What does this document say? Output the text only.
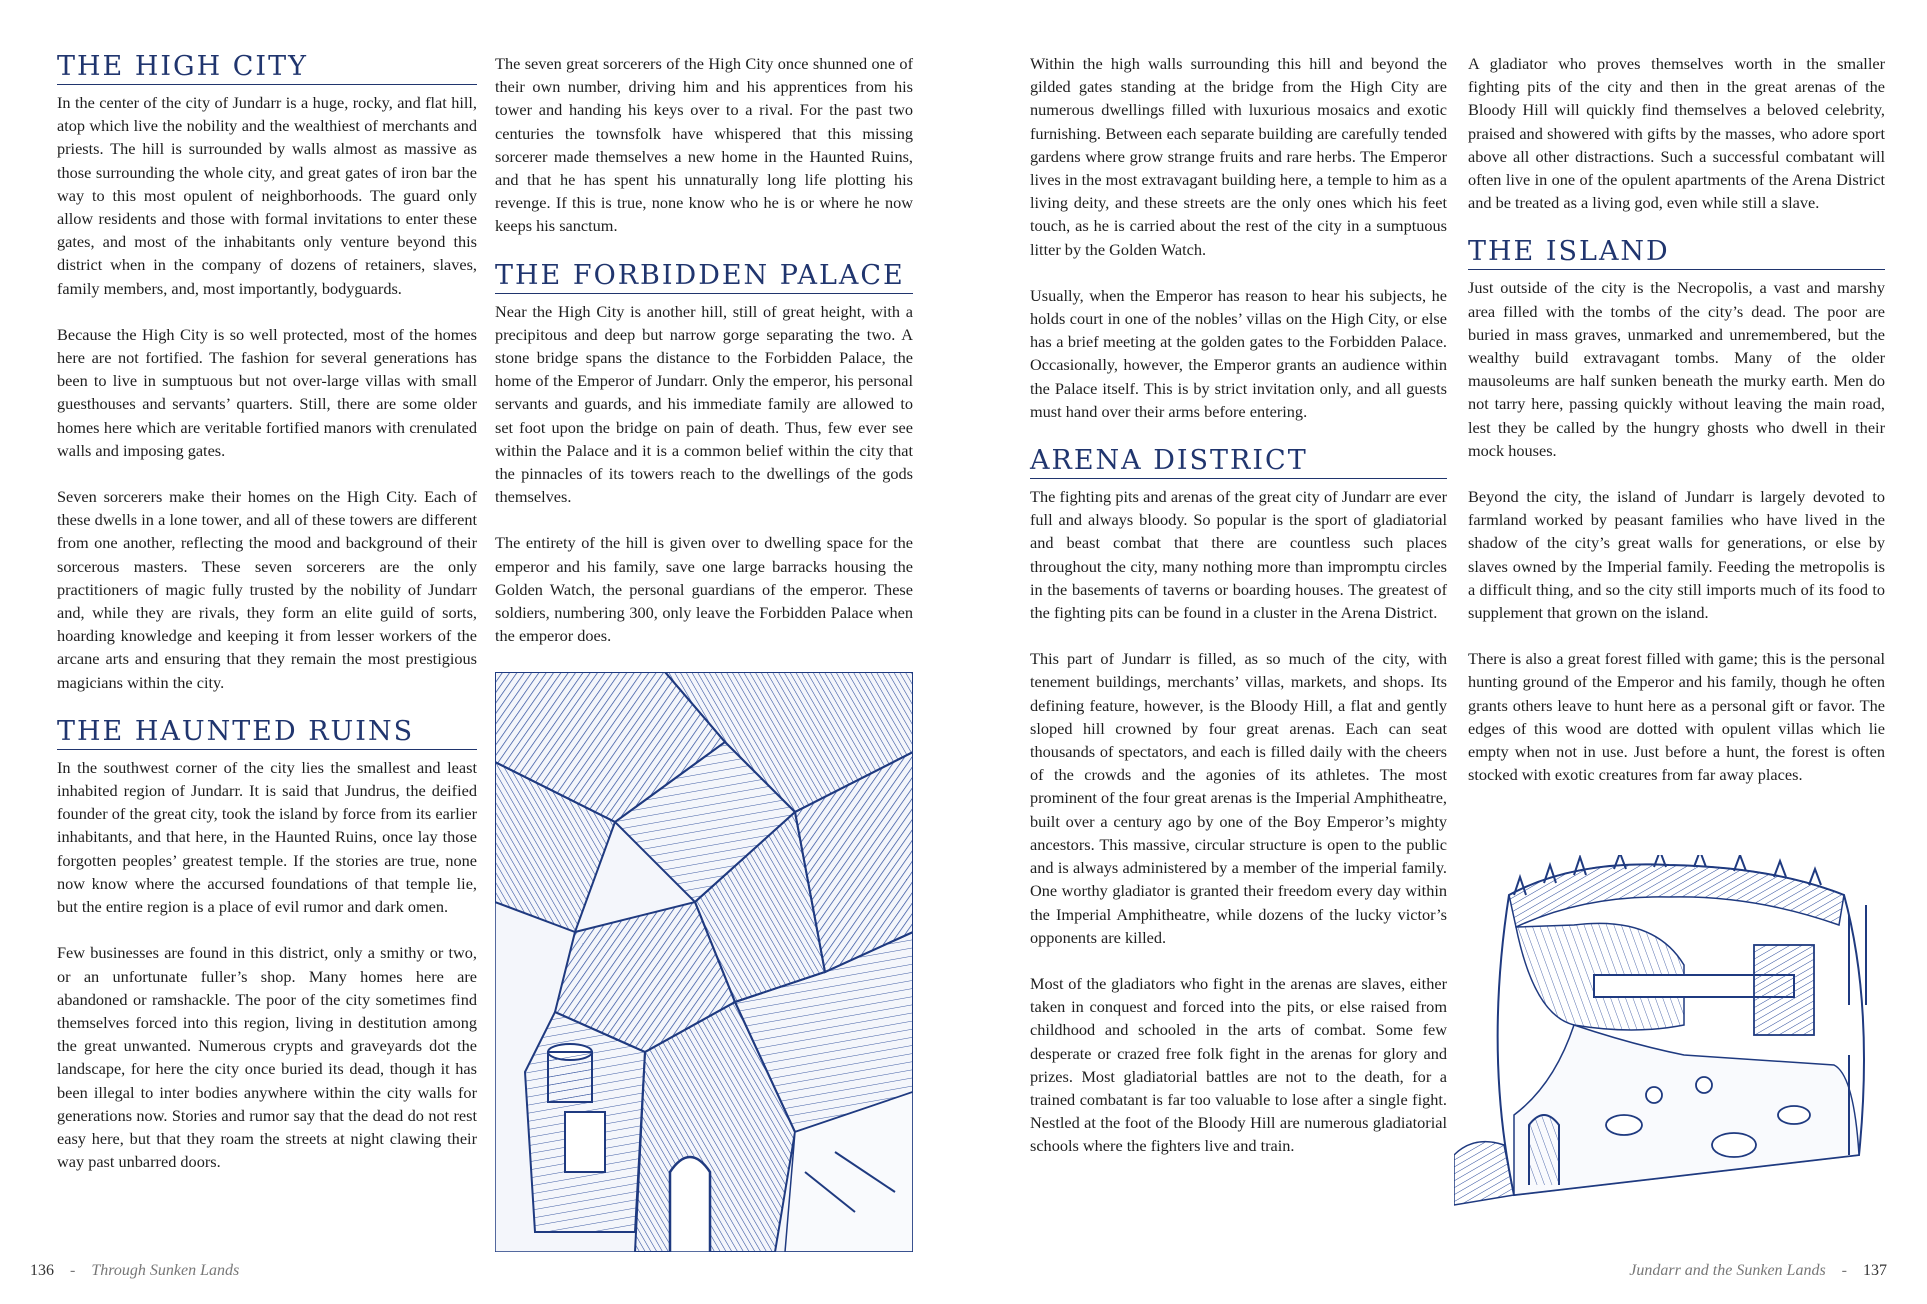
THE HIGH CITY

In the center of the city of Jundarr is a huge, rocky, and flat hill, atop which live the nobility and the wealthiest of merchants and priests. The hill is surrounded by walls almost as massive as those surrounding the whole city, and great gates of iron bar the way to this most opulent of neighborhoods. The guard only allow residents and those with formal invitations to enter these gates, and most of the inhabitants only venture beyond this district when in the company of dozens of retainers, slaves, family members, and, most importantly, bodyguards.

Because the High City is so well protected, most of the homes here are not fortified. The fashion for several generations has been to live in sumptuous but not over-large villas with small guesthouses and servants’ quarters. Still, there are some older homes here which are veritable fortified manors with crenulated walls and imposing gates.

Seven sorcerers make their homes on the High City. Each of these dwells in a lone tower, and all of these towers are different from one another, reflecting the mood and background of their sorcerous masters. These seven sorcerers are the only practitioners of magic fully trusted by the nobility of Jundarr and, while they are rivals, they form an elite guild of sorts, hoarding knowledge and keeping it from lesser workers of the arcane arts and ensuring that they remain the most prestigious magicians within the city.

THE HAUNTED RUINS

In the southwest corner of the city lies the smallest and least inhabited region of Jundarr. It is said that Jundrus, the deified founder of the great city, took the island by force from its earlier inhabitants, and that here, in the Haunted Ruins, once lay those forgotten peoples’ greatest temple. If the stories are true, none now know where the accursed foundations of that temple lie, but the entire region is a place of evil rumor and dark omen.

Few businesses are found in this district, only a smithy or two, or an unfortunate fuller’s shop. Many homes here are abandoned or ramshackle. The poor of the city sometimes find themselves forced into this region, living in destitution among the great unwanted. Numerous crypts and graveyards dot the landscape, for here the city once buried its dead, though it has been illegal to inter bodies anywhere within the city walls for generations now. Stories and rumor say that the dead do not rest easy here, but that they roam the streets at night clawing their way past unbarred doors.

The seven great sorcerers of the High City once shunned one of their own number, driving him and his apprentices from his tower and handing his keys over to a rival. For the past two centuries the townsfolk have whispered that this missing sorcerer made themselves a new home in the Haunted Ruins, and that he has spent his unnaturally long life plotting his revenge. If this is true, none know who he is or where he now keeps his sanctum.

THE FORBIDDEN PALACE

Near the High City is another hill, still of great height, with a precipitous and deep but narrow gorge separating the two. A stone bridge spans the distance to the Forbidden Palace, the home of the Emperor of Jundarr. Only the emperor, his personal servants and guards, and his immediate family are allowed to set foot upon the bridge on pain of death. Thus, few ever see within the Palace and it is a common belief within the city that the pinnacles of its towers reach to the dwellings of the gods themselves.

The entirety of the hill is given over to dwelling space for the emperor and his family, save one large barracks housing the Golden Watch, the personal guardians of the emperor. These soldiers, numbering 300, only leave the Forbidden Palace when the emperor does.

136 - Through Sunken Lands

Within the high walls surrounding this hill and beyond the gilded gates standing at the bridge from the High City are numerous dwellings filled with luxurious mosaics and exotic furnishing. Between each separate building are carefully tended gardens where grow strange fruits and rare herbs. The Emperor lives in the most extravagant building here, a temple to him as a living deity, and these streets are the only ones which his feet touch, as he is carried about the rest of the city in a sumptuous litter by the Golden Watch.

Usually, when the Emperor has reason to hear his subjects, he holds court in one of the nobles’ villas on the High City, or else has a brief meeting at the golden gates to the Forbidden Palace. Occasionally, however, the Emperor grants an audience within the Palace itself. This is by strict invitation only, and all guests must hand over their arms before entering.

ARENA DISTRICT

The fighting pits and arenas of the great city of Jundarr are ever full and always bloody. So popular is the sport of gladiatorial and beast combat that there are countless such places throughout the city, many nothing more than impromptu circles in the basements of taverns or boarding houses. The greatest of the fighting pits can be found in a cluster in the Arena District.

This part of Jundarr is filled, as so much of the city, with tenement buildings, merchants’ villas, markets, and shops. Its defining feature, however, is the Bloody Hill, a flat and gently sloped hill crowned by four great arenas. Each can seat thousands of spectators, and each is filled daily with the cheers of the crowds and the agonies of its athletes. The most prominent of the four great arenas is the Imperial Amphitheatre, built over a century ago by one of the Boy Emperor’s mighty ancestors. This massive, circular structure is open to the public and is always administered by a member of the imperial family. One worthy gladiator is granted their freedom every day within the Imperial Amphitheatre, while dozens of the lucky victor’s opponents are killed.

Most of the gladiators who fight in the arenas are slaves, either taken in conquest and forced into the pits, or else raised from childhood and schooled in the arts of combat. Some few desperate or crazed free folk fight in the arenas for glory and prizes. Most gladiatorial battles are not to the death, for a trained combatant is far too valuable to lose after a single fight. Nestled at the foot of the Bloody Hill are numerous gladiatorial schools where the fighters live and train.

A gladiator who proves themselves worth in the smaller fighting pits of the city and then in the great arenas of the Bloody Hill will quickly find themselves a beloved celebrity, praised and showered with gifts by the masses, who adore sport above all other distractions. Such a successful combatant will often live in one of the opulent apartments of the Arena District and be treated as a living god, even while still a slave.

THE ISLAND

Just outside of the city is the Necropolis, a vast and marshy area filled with the tombs of the city’s dead. The poor are buried in mass graves, unmarked and unremembered, but the wealthy build extravagant tombs. Many of the older mausoleums are half sunken beneath the murky earth. Men do not tarry here, passing quickly without leaving the main road, lest they be called by the hungry ghosts who dwell in their mock houses.

Beyond the city, the island of Jundarr is largely devoted to farmland worked by peasant families who have lived in the shadow of the city’s great walls for generations, or else by slaves owned by the Imperial family. Feeding the metropolis is a difficult thing, and so the city still imports much of its food to supplement that grown on the island.

There is also a great forest filled with game; this is the personal hunting ground of the Emperor and his family, though he often grants others leave to hunt here as a personal gift or favor. The edges of this wood are dotted with opulent villas which lie empty when not in use. Just before a hunt, the forest is often stocked with exotic creatures from far away places.

Jundarr and the Sunken Lands - 137
